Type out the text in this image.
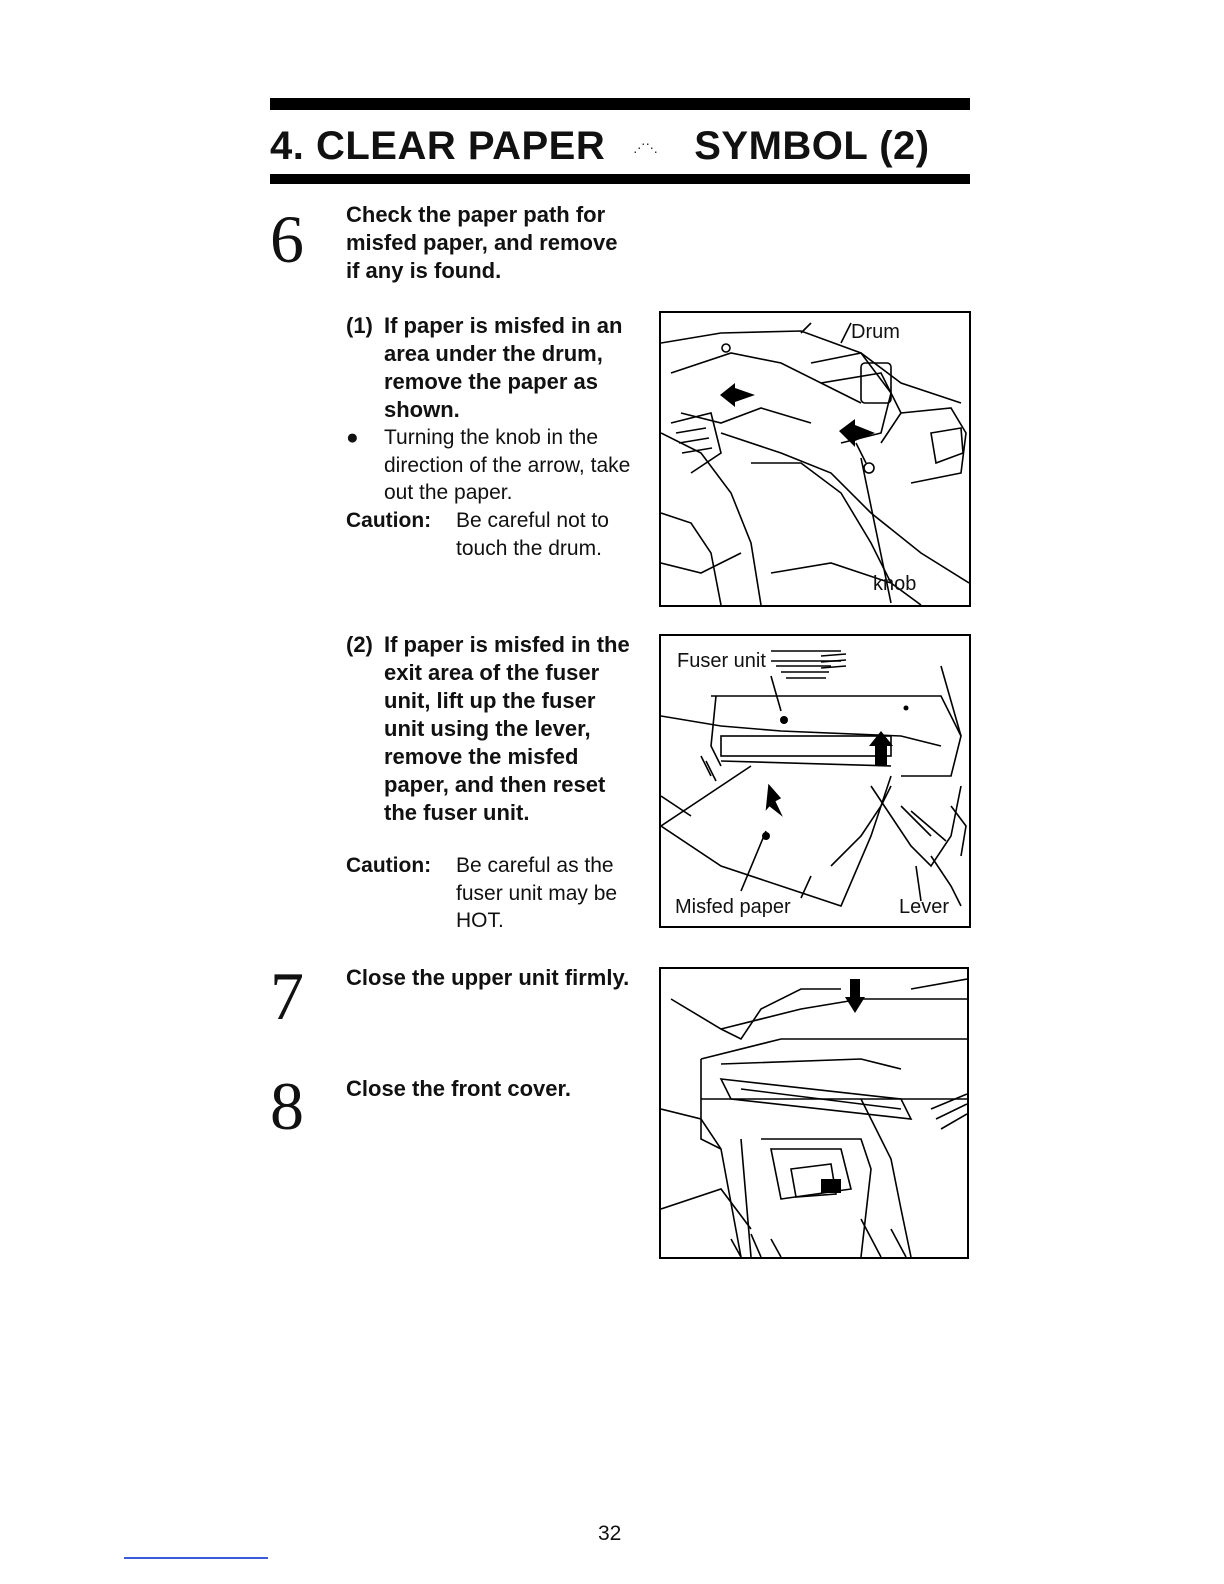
4. CLEAR PAPER ⋰⋱ SYMBOL (2)
6 Check the paper path for misfed paper, and remove if any is found.
(1) If paper is misfed in an area under the drum, remove the paper as shown.
● Turning the knob in the direction of the arrow, take out the paper.
Caution: Be careful not to touch the drum.
Drum
knob
(2) If paper is misfed in the exit area of the fuser unit, lift up the fuser unit using the lever, remove the misfed paper, and then reset the fuser unit.
Caution: Be careful as the fuser unit may be HOT.
Fuser unit
Misfed paper	Lever
7 Close the upper unit firmly.
8 Close the front cover.
32
